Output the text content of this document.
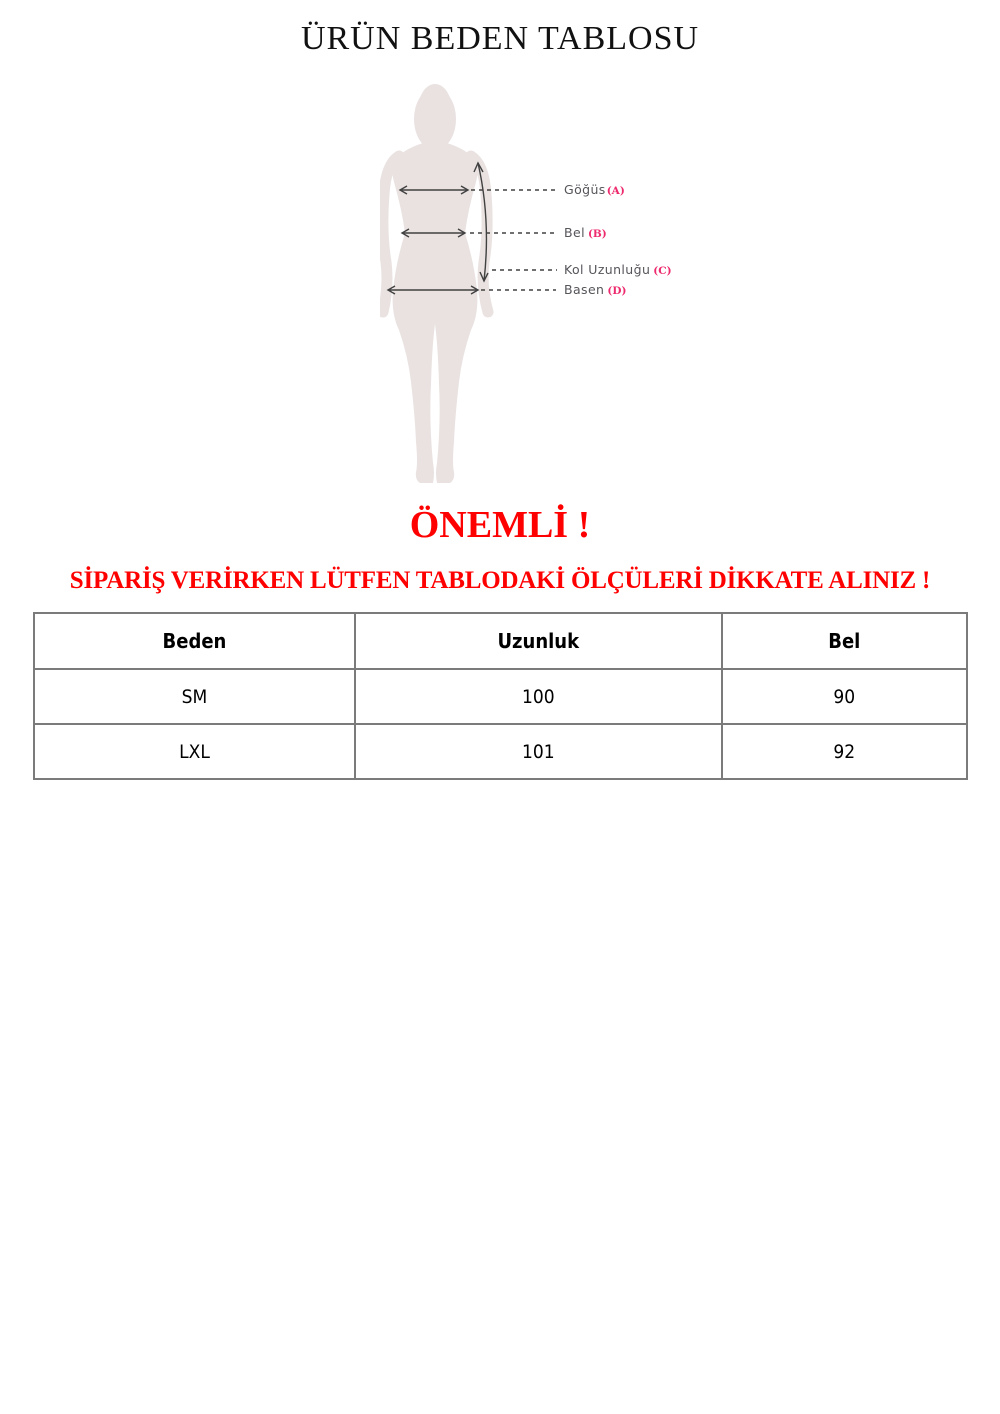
ÜRÜN BEDEN TABLOSU
Göğüs(A)
Bel (B)
Kol Uzunluğu (C)
Basen (D)
ÖNEMLİ !
SİPARİŞ VERİRKEN LÜTFEN TABLODAKİ ÖLÇÜLERİ DİKKATE ALINIZ !
Beden	Uzunluk	Bel
SM	100	90
LXL	101	92
